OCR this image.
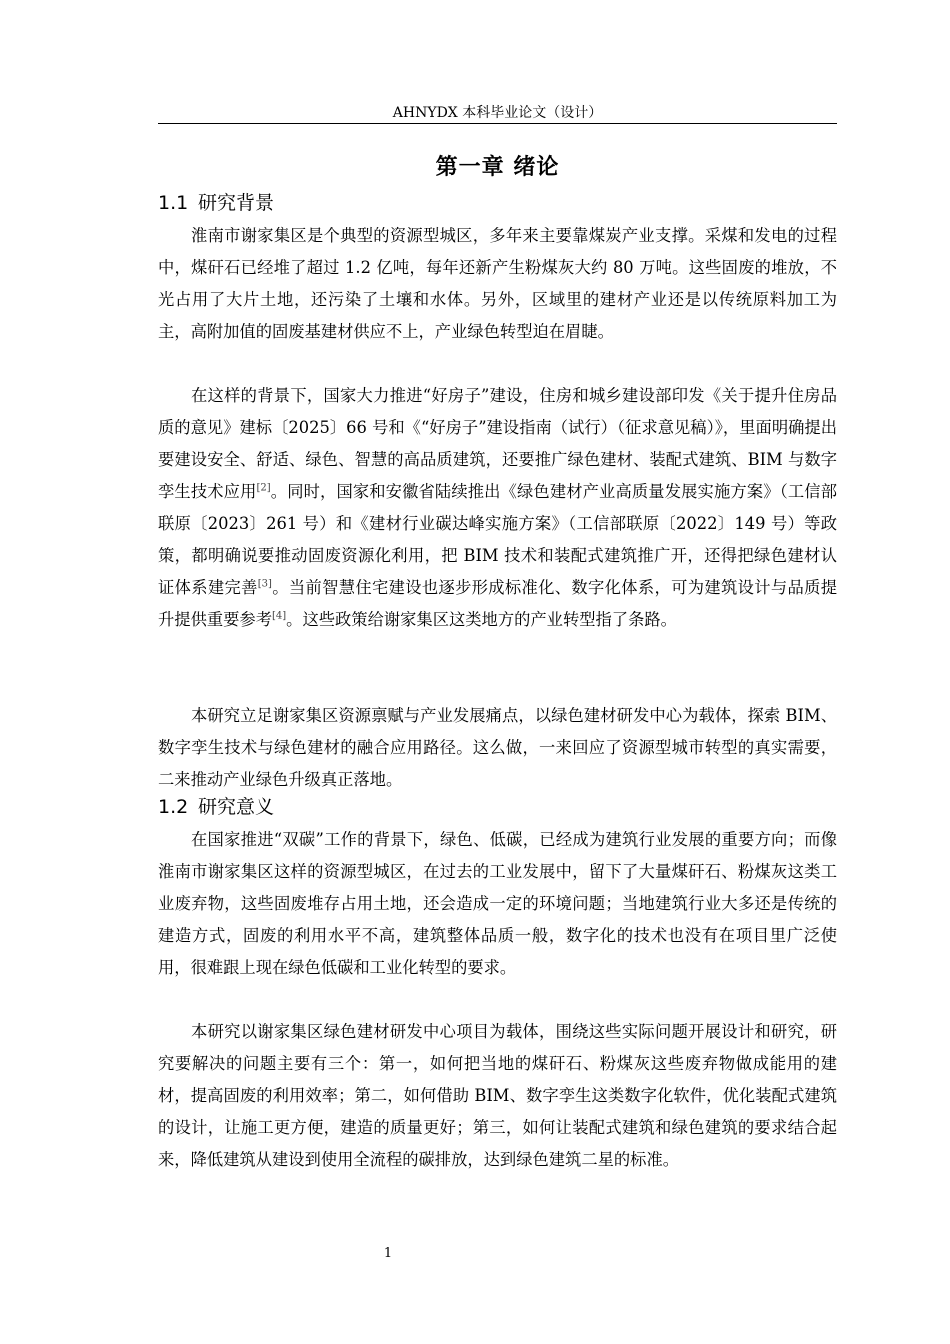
AHNYDX 本科毕业论文（设计）
第一章 绪论
1.1 研究背景

淮南市谢家集区是个典型的资源型城区，多年来主要靠煤炭产业支撑。采煤和发电的过程中，煤矸石已经堆了超过 1.2 亿吨，每年还新产生粉煤灰大约 80 万吨。这些固废的堆放，不光占用了大片土地，还污染了土壤和水体。另外，区域里的建材产业还是以传统原料加工为主，高附加值的固废基建材供应不上，产业绿色转型迫在眉睫。

在这样的背景下，国家大力推进“好房子”建设，住房和城乡建设部印发《关于提升住房品质的意见》建标〔2025〕66 号和《“好房子”建设指南（试行）（征求意见稿）》，里面明确提出要建设安全、舒适、绿色、智慧的高品质建筑，还要推广绿色建材、装配式建筑、BIM 与数字孪生技术应用[2]。同时，国家和安徽省陆续推出《绿色建材产业高质量发展实施方案》（工信部联原〔2023〕261 号）和《建材行业碳达峰实施方案》（工信部联原〔2022〕149 号）等政策，都明确说要推动固废资源化利用，把 BIM 技术和装配式建筑推广开，还得把绿色建材认证体系建完善[3]。当前智慧住宅建设也逐步形成标准化、数字化体系，可为建筑设计与品质提升提供重要参考[4]。这些政策给谢家集区这类地方的产业转型指了条路。

本研究立足谢家集区资源禀赋与产业发展痛点，以绿色建材研发中心为载体，探索 BIM、数字孪生技术与绿色建材的融合应用路径。这么做，一来回应了资源型城市转型的真实需要，二来推动产业绿色升级真正落地。

1.2 研究意义

在国家推进“双碳”工作的背景下，绿色、低碳，已经成为建筑行业发展的重要方向；而像淮南市谢家集区这样的资源型城区，在过去的工业发展中，留下了大量煤矸石、粉煤灰这类工业废弃物，这些固废堆存占用土地，还会造成一定的环境问题；当地建筑行业大多还是传统的建造方式，固废的利用水平不高，建筑整体品质一般，数字化的技术也没有在项目里广泛使用，很难跟上现在绿色低碳和工业化转型的要求。

本研究以谢家集区绿色建材研发中心项目为载体，围绕这些实际问题开展设计和研究，研究要解决的问题主要有三个：第一，如何把当地的煤矸石、粉煤灰这些废弃物做成能用的建材，提高固废的利用效率；第二，如何借助 BIM、数字孪生这类数字化软件，优化装配式建筑的设计，让施工更方便，建造的质量更好；第三，如何让装配式建筑和绿色建筑的要求结合起来，降低建筑从建设到使用全流程的碳排放，达到绿色建筑二星的标准。

1
